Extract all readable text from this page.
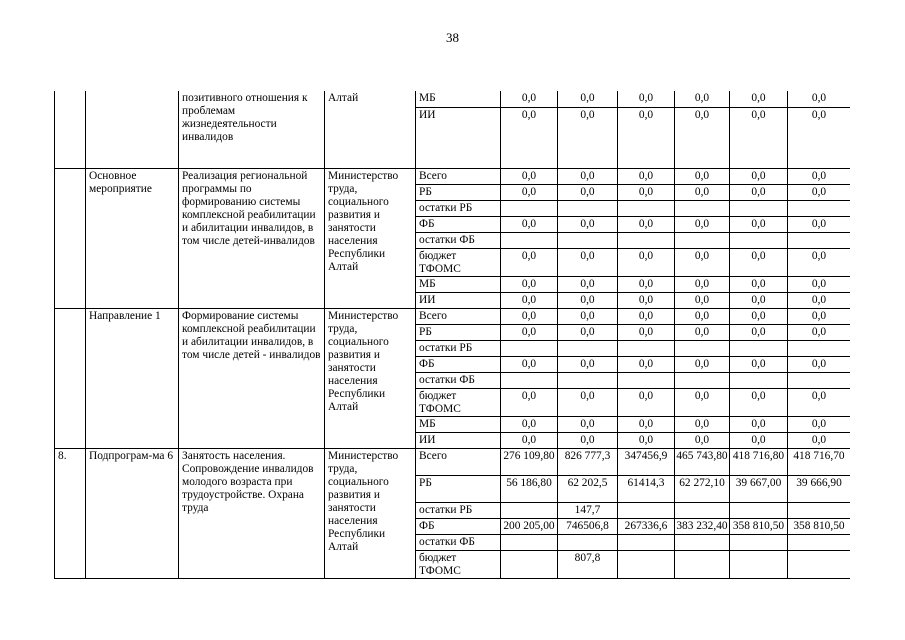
38
		позитивного отношения к проблемам жизнедеятельности инвалидов	Алтай	МБ	0,0	0,0	0,0	0,0	0,0	0,0
				ИИ	0,0	0,0	0,0	0,0	0,0	0,0
	Основное мероприятие	Реализация региональной программы по формированию системы комплексной реабилитации и абилитации инвалидов, в том числе детей-инвалидов	Министерство труда, социального развития и занятости населения Республики Алтай	Всего	0,0	0,0	0,0	0,0	0,0	0,0
				РБ	0,0	0,0	0,0	0,0	0,0	0,0
				остатки РБ						
				ФБ	0,0	0,0	0,0	0,0	0,0	0,0
				остатки ФБ						
				бюджет ТФОМС	0,0	0,0	0,0	0,0	0,0	0,0
				МБ	0,0	0,0	0,0	0,0	0,0	0,0
				ИИ	0,0	0,0	0,0	0,0	0,0	0,0
	Направление 1	Формирование системы комплексной реабилитации и абилитации инвалидов, в том числе детей - инвалидов	Министерство труда, социального развития и занятости населения Республики Алтай	Всего	0,0	0,0	0,0	0,0	0,0	0,0
				РБ	0,0	0,0	0,0	0,0	0,0	0,0
				остатки РБ						
				ФБ	0,0	0,0	0,0	0,0	0,0	0,0
				остатки ФБ						
				бюджет ТФОМС	0,0	0,0	0,0	0,0	0,0	0,0
				МБ	0,0	0,0	0,0	0,0	0,0	0,0
				ИИ	0,0	0,0	0,0	0,0	0,0	0,0
8.	Подпрограм-ма 6	Занятость населения. Сопровождение инвалидов молодого возраста при трудоустройстве. Охрана труда	Министерство труда, социального развития и занятости населения Республики Алтай	Всего	276 109,80	826 777,3	347456,9	465 743,80	418 716,80	418 716,70
				РБ	56 186,80	62 202,5	61414,3	62 272,10	39 667,00	39 666,90
				остатки РБ		147,7				
				ФБ	200 205,00	746506,8	267336,6	383 232,40	358 810,50	358 810,50
				остатки ФБ						
				бюджет ТФОМС		807,8				
